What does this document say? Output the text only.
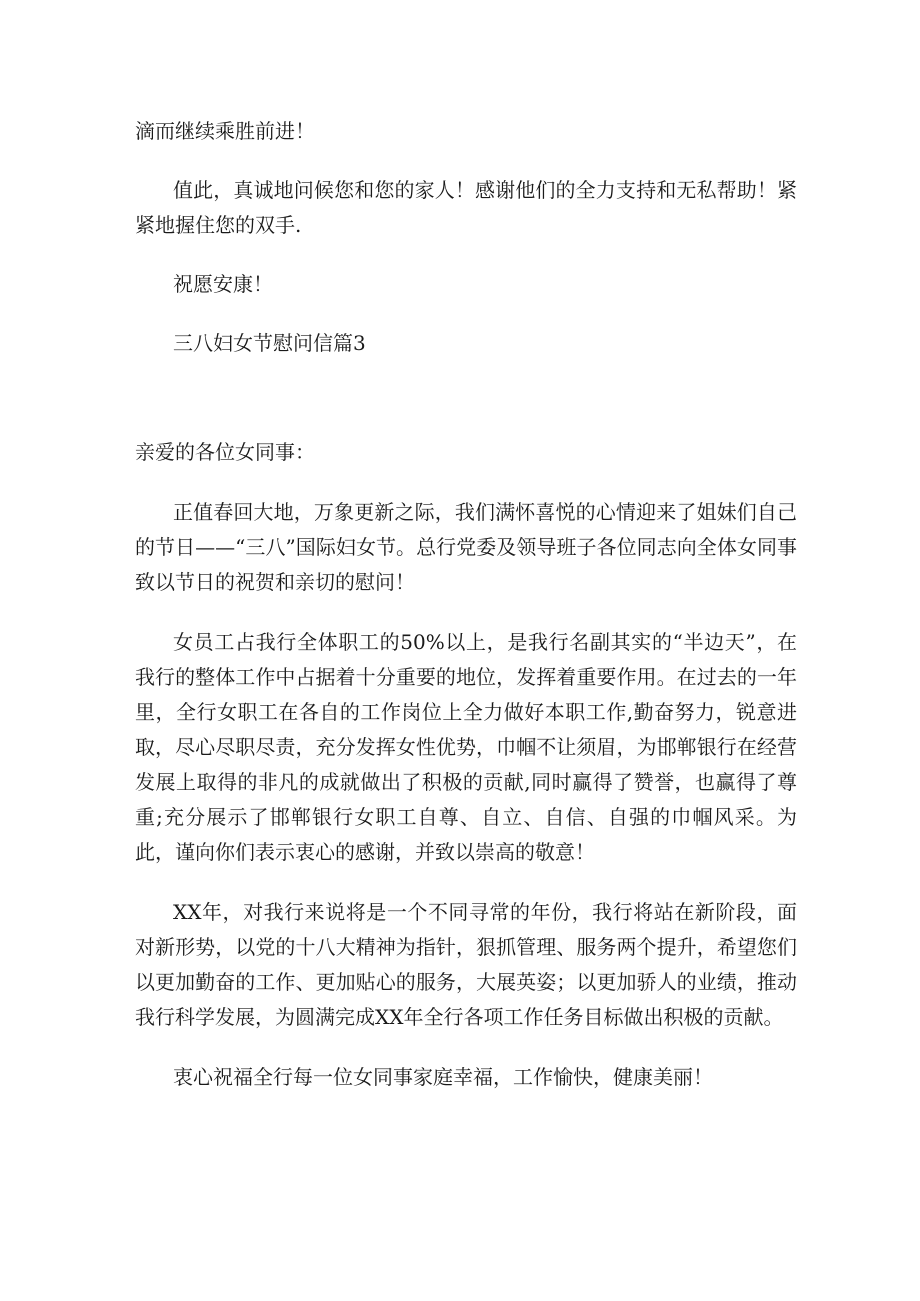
滴而继续乘胜前进！

值此，真诚地问候您和您的家人！感谢他们的全力支持和无私帮助！紧紧地握住您的双手.

祝愿安康！

三八妇女节慰问信篇3

亲爱的各位女同事：

正值春回大地，万象更新之际，我们满怀喜悦的心情迎来了姐妹们自己的节日——“三八”国际妇女节。总行党委及领导班子各位同志向全体女同事致以节日的祝贺和亲切的慰问！

女员工占我行全体职工的50%以上，是我行名副其实的“半边天”，在我行的整体工作中占据着十分重要的地位，发挥着重要作用。在过去的一年里，全行女职工在各自的工作岗位上全力做好本职工作,勤奋努力，锐意进取，尽心尽职尽责，充分发挥女性优势，巾帼不让须眉，为邯郸银行在经营发展上取得的非凡的成就做出了积极的贡献,同时赢得了赞誉，也赢得了尊重;充分展示了邯郸银行女职工自尊、自立、自信、自强的巾帼风采。为此，谨向你们表示衷心的感谢，并致以崇高的敬意！

XX年，对我行来说将是一个不同寻常的年份，我行将站在新阶段，面对新形势，以党的十八大精神为指针，狠抓管理、服务两个提升，希望您们以更加勤奋的工作、更加贴心的服务，大展英姿；以更加骄人的业绩，推动我行科学发展，为圆满完成XX年全行各项工作任务目标做出积极的贡献。

衷心祝福全行每一位女同事家庭幸福，工作愉快，健康美丽！
